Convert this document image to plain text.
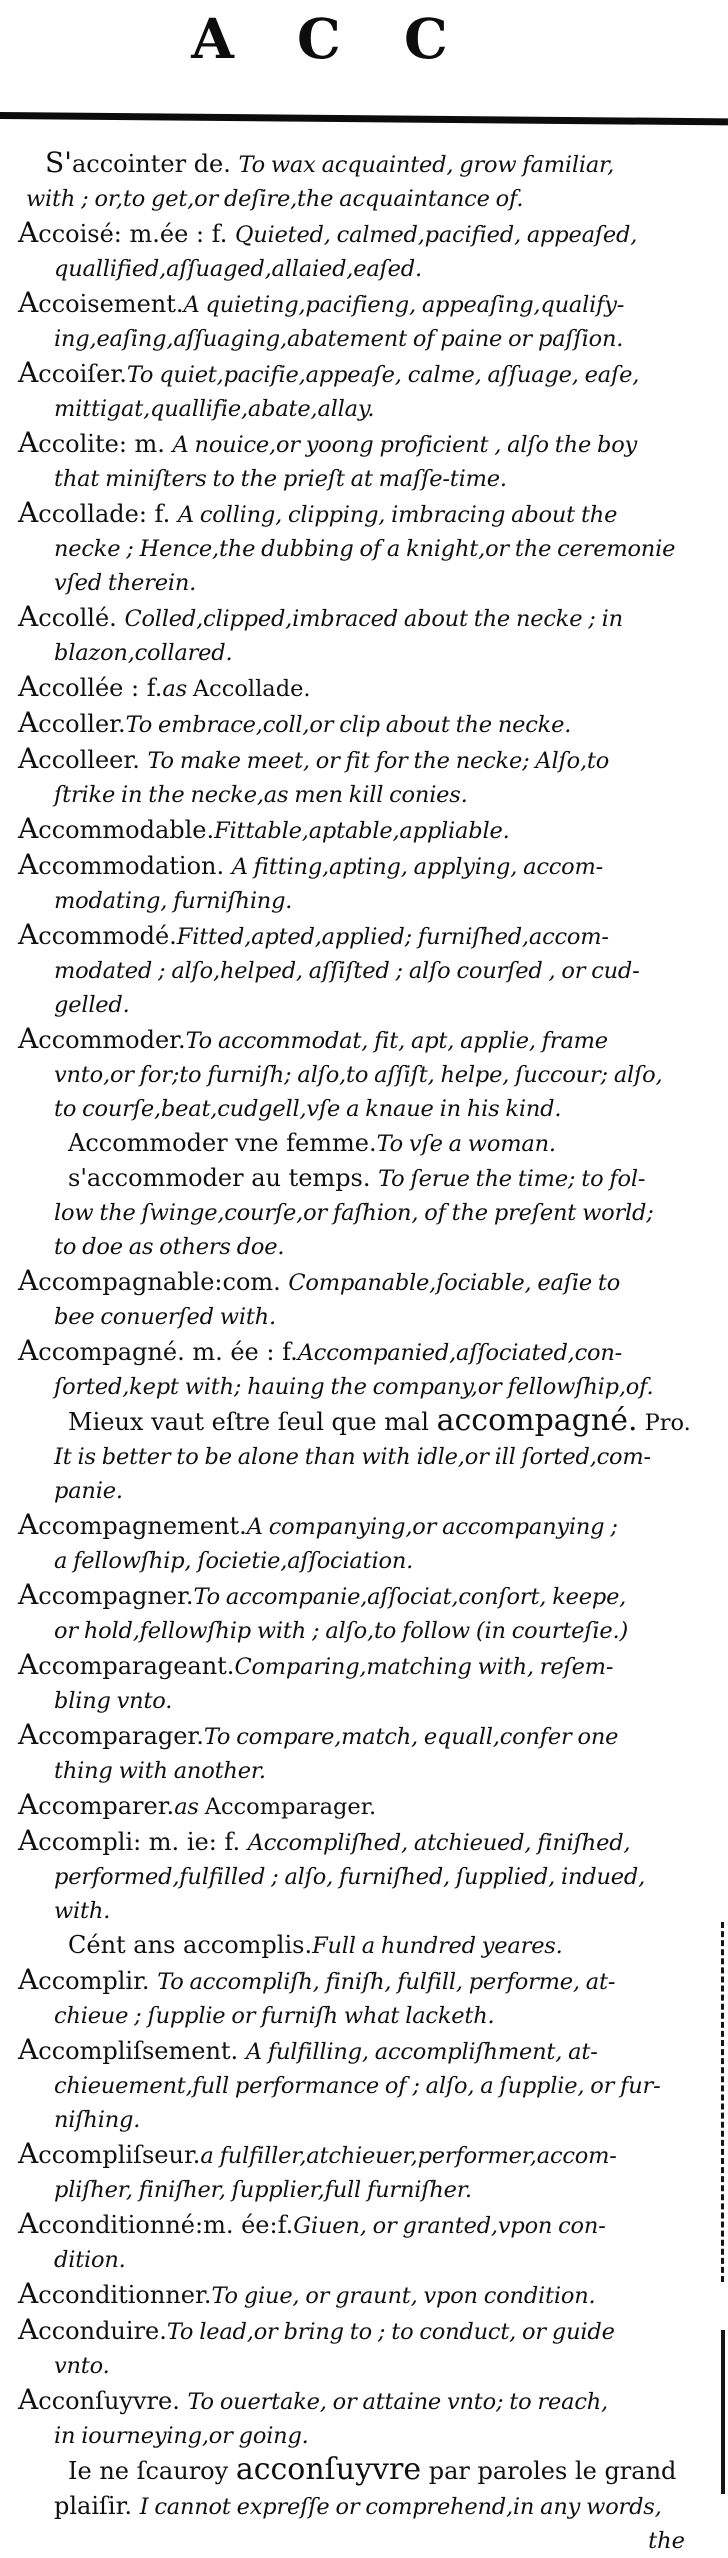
A C C

S'accointer de. To wax acquainted, grow familiar,
with ; or,to get,or deſire,the acquaintance of.

Accoisé: m.ée : f. Quieted, calmed,pacified, appeaſed,
quallified,aſſuaged,allaied,eaſed.

Accoisement.A quieting,pacifieng, appeaſing,qualify-
ing,eaſing,aſſuaging,abatement of paine or paſſion.

Accoiſer.To quiet,pacifie,appeaſe, calme, aſſuage, eaſe,
mittigat,quallifie,abate,allay.

Accolite: m. A nouice,or yoong proficient , alſo the boy
that miniſters to the prieſt at maſſe-time.

Accollade: f. A colling, clipping, imbracing about the
necke ; Hence,the dubbing of a knight,or the ceremonie
vſed therein.

Accollé. Colled,clipped,imbraced about the necke ; in
blazon,collared.

Accollée : f.as Accollade.

Accoller.To embrace,coll,or clip about the necke.

Accolleer. To make meet, or fit for the necke; Alſo,to
ſtrike in the necke,as men kill conies.

Accommodable.Fittable,aptable,appliable.

Accommodation. A fitting,apting, applying, accom-
modating, furniſhing.

Accommodé.Fitted,apted,applied; furniſhed,accom-
modated ; alſo,helped, aſſiſted ; alſo courſed , or cud-
gelled.

Accommoder.To accommodat, fit, apt, applie, frame
vnto,or for;to furniſh; alſo,to aſſiſt, helpe, ſuccour; alſo,
to courſe,beat,cudgell,vſe a knaue in his kind.

Accommoder vne femme.To vſe a woman.

s'accommoder au temps. To ſerue the time; to fol-
low the ſwinge,courſe,or faſhion, of the preſent world;
to doe as others doe.

Accompagnable:com. Companable,ſociable, eaſie to
bee conuerſed with.

Accompagné. m. ée : f.Accompanied,aſſociated,con-
ſorted,kept with; hauing the company,or fellowſhip,of.

Mieux vaut eſtre ſeul que mal accompagné. Pro.
It is better to be alone than with idle,or ill ſorted,com-
panie.

Accompagnement.A companying,or accompanying ;
a fellowſhip, ſocietie,aſſociation.

Accompagner.To accompanie,aſſociat,conſort, keepe,
or hold,fellowſhip with ; alſo,to follow (in courteſie.)

Accomparageant.Comparing,matching with, reſem-
bling vnto.

Accomparager.To compare,match, equall,confer one
thing with another.

Accomparer.as Accomparager.

Accompli: m. ie: f. Accompliſhed, atchieued, finiſhed,
performed,fulfilled ; alſo, furniſhed, ſupplied, indued,
with.

Cént ans accomplis.Full a hundred yeares.

Accomplir. To accompliſh, finiſh, fulfill, performe, at-
chieue ; ſupplie or furniſh what lacketh.

Accompliſsement. A fulfilling, accompliſhment, at-
chieuement,full performance of ; alſo, a ſupplie, or fur-
niſhing.

Accompliſseur.a fulfiller,atchieuer,performer,accom-
pliſher, finiſher, ſupplier,full furniſher.

Acconditionné:m. ée:f.Giuen, or granted,vpon con-
dition.

Acconditionner.To giue, or graunt, vpon condition.

Acconduire.To lead,or bring to ; to conduct, or guide
vnto.

Acconſuyvre. To ouertake, or attaine vnto; to reach,
in iourneying,or going.

Ie ne ſcauroy acconſuyvre par paroles le grand
plaiſir. I cannot expreſſe or comprehend,in any words,

the
